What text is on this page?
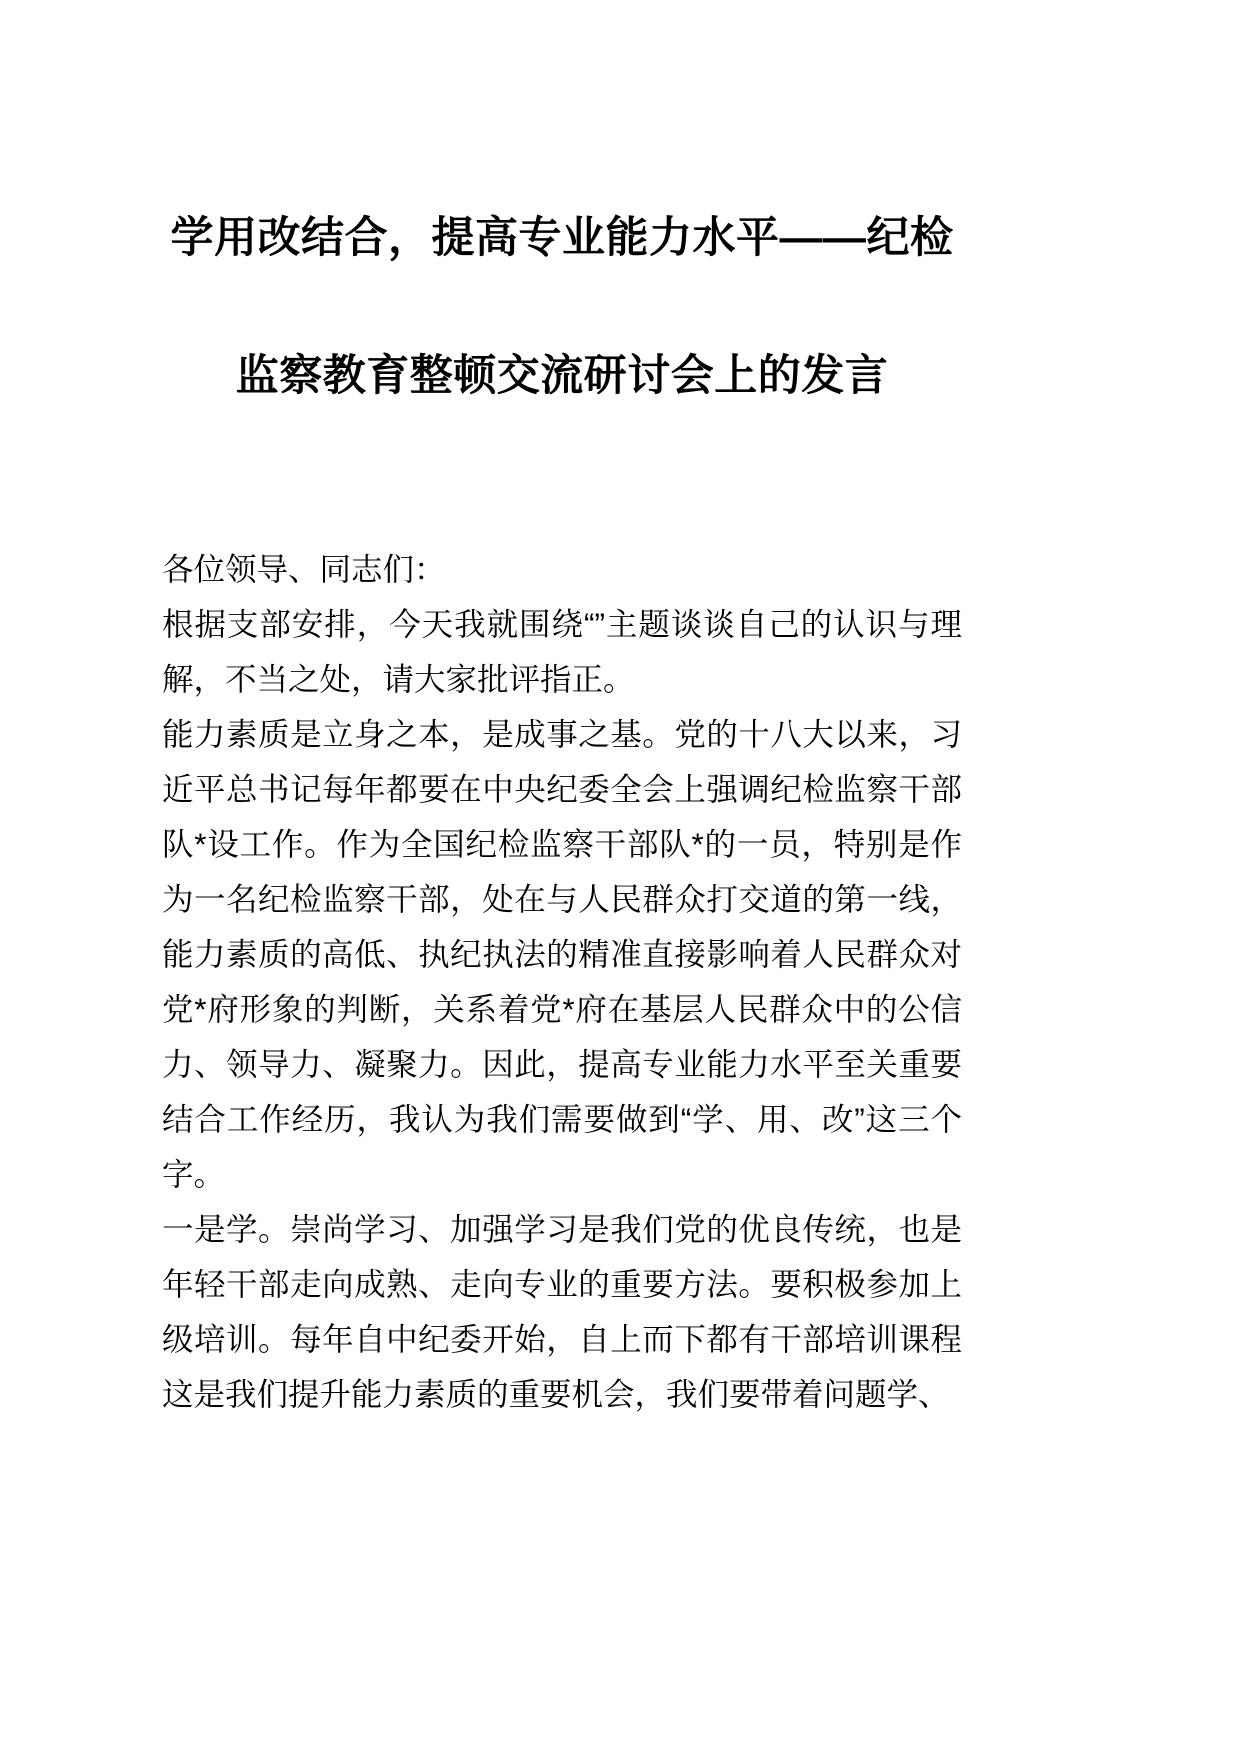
学用改结合，提高专业能力水平——纪检
监察教育整顿交流研讨会上的发言

各位领导、同志们：

根据支部安排，今天我就围绕“”主题谈谈自己的认识与理解，不当之处，请大家批评指正。

能力素质是立身之本，是成事之基。党的十八大以来，习近平总书记每年都要在中央纪委全会上强调纪检监察干部队*设工作。作为全国纪检监察干部队*的一员，特别是作为一名纪检监察干部，处在与人民群众打交道的第一线，能力素质的高低、执纪执法的精准直接影响着人民群众对党*府形象的判断，关系着党*府在基层人民群众中的公信力、领导力、凝聚力。因此，提高专业能力水平至关重要结合工作经历，我认为我们需要做到“学、用、改”这三个字。

一是学。崇尚学习、加强学习是我们党的优良传统，也是年轻干部走向成熟、走向专业的重要方法。要积极参加上级培训。每年自中纪委开始，自上而下都有干部培训课程这是我们提升能力素质的重要机会，我们要带着问题学、
